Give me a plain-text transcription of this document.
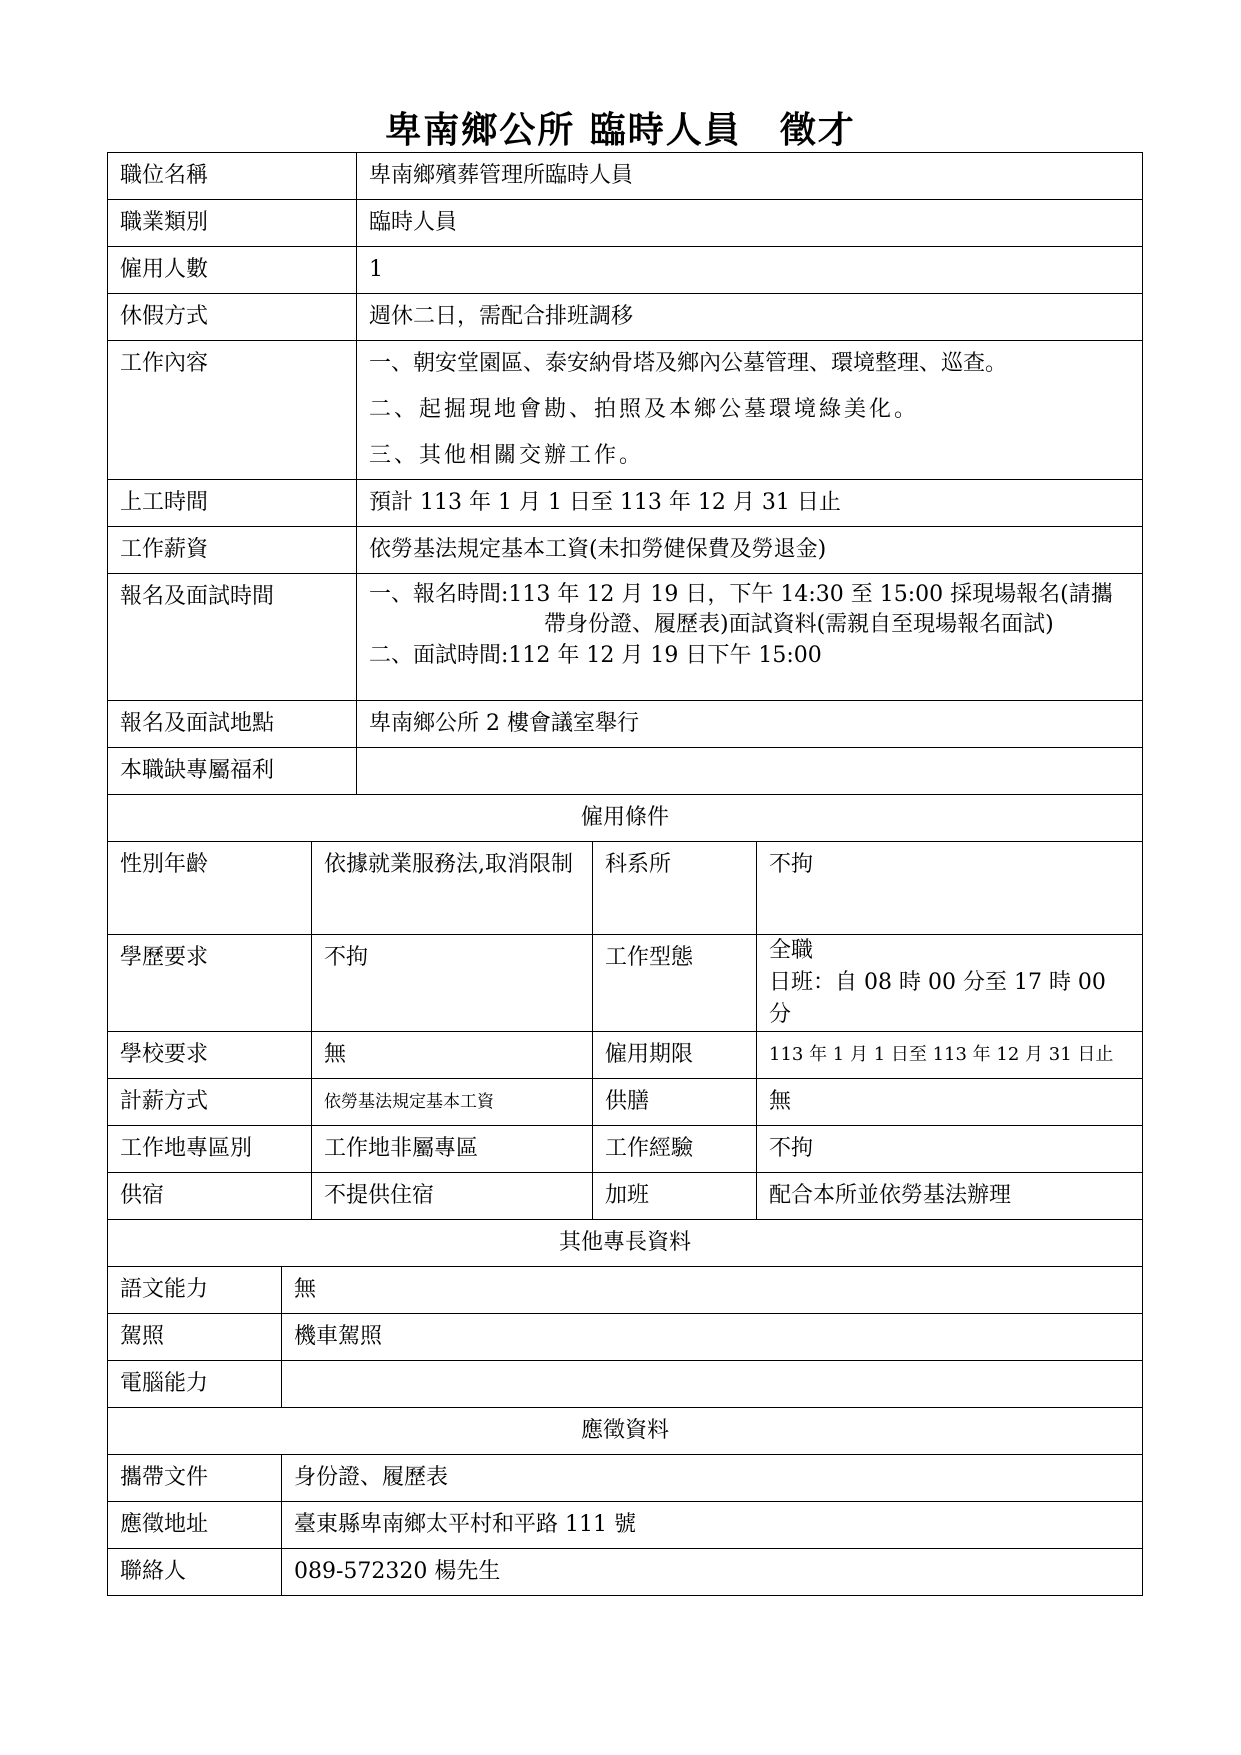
卑南鄉公所 臨時人員　徵才
職位名稱			卑南鄉殯葬管理所臨時人員		
職業類別			臨時人員		
僱用人數			1		
休假方式			週休二日，需配合排班調移		
工作內容			一、朝安堂園區、泰安納骨塔及鄉內公墓管理、環境整理、巡查。
二、起掘現地會勘、拍照及本鄉公墓環境綠美化。
三、其他相關交辦工作。		

上工時間			預計 113 年 1 月 1 日至 113 年 12 月 31 日止		
工作薪資			依勞基法規定基本工資(未扣勞健保費及勞退金)		
報名及面試時間			一、報名時間:113 年 12 月 19 日，下午 14:30 至 15:00 採現場報名(請攜帶身份證、履歷表)面試資料(需親自至現場報名面試)
二、面試時間:112 年 12 月 19 日下午 15:00		

報名及面試地點			卑南鄉公所 2 樓會議室舉行		
本職缺專屬福利					
僱用條件					
性別年齡		依據就業服務法,取消限制		科系所	不拘
學歷要求		不拘		工作型態	全職
日班：自 08 時 00 分至 17 時 00 分

學校要求		無		僱用期限	113 年 1 月 1 日至 113 年 12 月 31 日止
計薪方式		依勞基法規定基本工資		供膳	無
工作地專區別		工作地非屬專區		工作經驗	不拘
供宿		不提供住宿		加班	配合本所並依勞基法辦理
其他專長資料					
語文能力	無				
駕照	機車駕照				
電腦能力					
應徵資料					
攜帶文件	身份證、履歷表				
應徵地址	臺東縣卑南鄉太平村和平路 111 號				
聯絡人	089-572320 楊先生				
